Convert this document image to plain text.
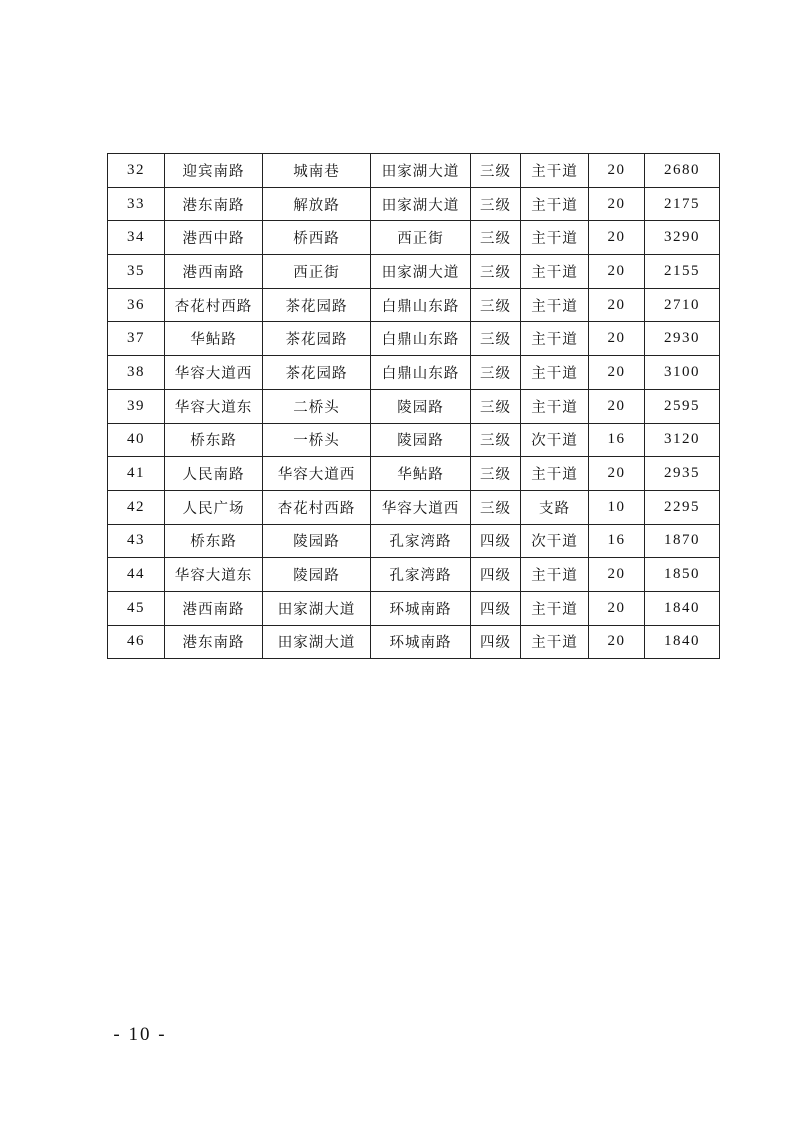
32	迎宾南路	城南巷	田家湖大道	三级	主干道	20	2680
33	港东南路	解放路	田家湖大道	三级	主干道	20	2175
34	港西中路	桥西路	西正街	三级	主干道	20	3290
35	港西南路	西正街	田家湖大道	三级	主干道	20	2155
36	杏花村西路	茶花园路	白鼎山东路	三级	主干道	20	2710
37	华鲇路	茶花园路	白鼎山东路	三级	主干道	20	2930
38	华容大道西	茶花园路	白鼎山东路	三级	主干道	20	3100
39	华容大道东	二桥头	陵园路	三级	主干道	20	2595
40	桥东路	一桥头	陵园路	三级	次干道	16	3120
41	人民南路	华容大道西	华鲇路	三级	主干道	20	2935
42	人民广场	杏花村西路	华容大道西	三级	支路	10	2295
43	桥东路	陵园路	孔家湾路	四级	次干道	16	1870
44	华容大道东	陵园路	孔家湾路	四级	主干道	20	1850
45	港西南路	田家湖大道	环城南路	四级	主干道	20	1840
46	港东南路	田家湖大道	环城南路	四级	主干道	20	1840
- 10 -
